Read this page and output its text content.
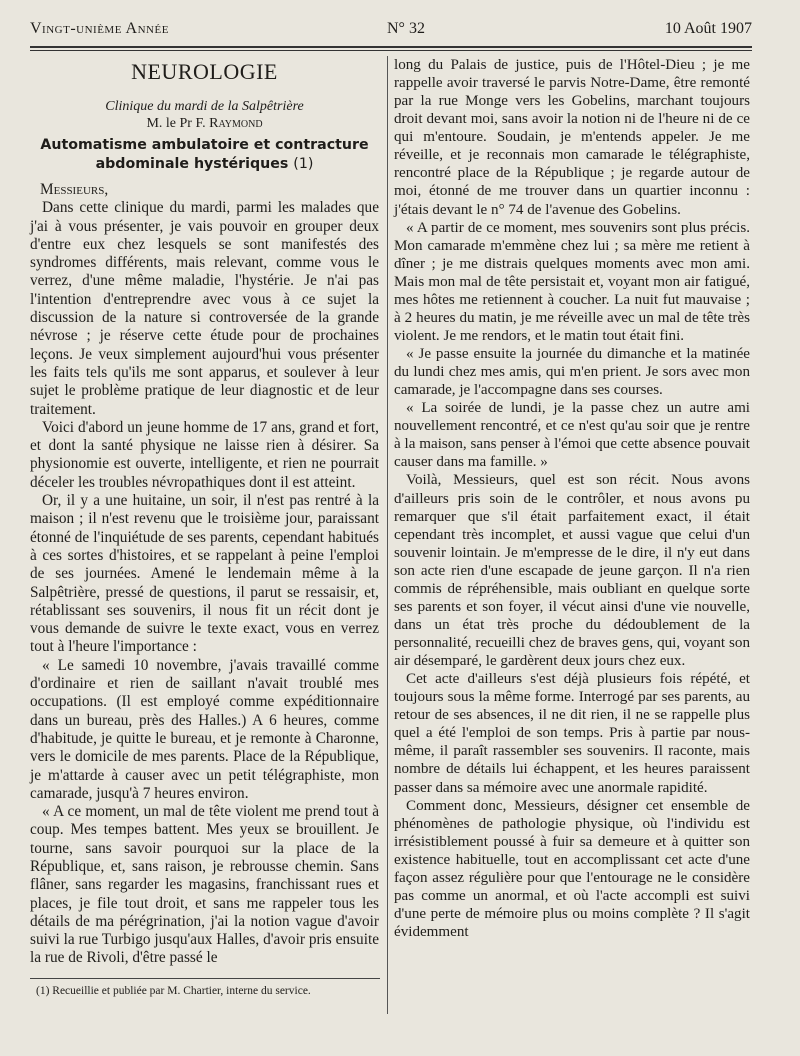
Vingt-unième Année	N° 32	10 Août 1907
NEUROLOGIE
Clinique du mardi de la Salpêtrière
M. le Pr F. Raymond
Automatisme ambulatoire et contracture
abdominale hystériques (1)

Messieurs,

Dans cette clinique du mardi, parmi les malades que j'ai à vous présenter, je vais pouvoir en grouper deux d'entre eux chez lesquels se sont manifestés des syndromes différents, mais relevant, comme vous le verrez, d'une même maladie, l'hystérie. Je n'ai pas l'intention d'entreprendre avec vous à ce sujet la discussion de la nature si controversée de la grande névrose ; je réserve cette étude pour de prochaines leçons. Je veux simplement aujourd'hui vous présenter les faits tels qu'ils me sont apparus, et soulever à leur sujet le problème pratique de leur diagnostic et de leur traitement.

Voici d'abord un jeune homme de 17 ans, grand et fort, et dont la santé physique ne laisse rien à désirer. Sa physionomie est ouverte, intelligente, et rien ne pourrait déceler les troubles névropathiques dont il est atteint.

Or, il y a une huitaine, un soir, il n'est pas rentré à la maison ; il n'est revenu que le troisième jour, paraissant étonné de l'inquiétude de ses parents, cependant habitués à ces sortes d'histoires, et se rappelant à peine l'emploi de ses journées. Amené le lendemain même à la Salpêtrière, pressé de questions, il parut se ressaisir, et, rétablissant ses souvenirs, il nous fit un récit dont je vous demande de suivre le texte exact, vous en verrez tout à l'heure l'importance :

« Le samedi 10 novembre, j'avais travaillé comme d'ordinaire et rien de saillant n'avait troublé mes occupations. (Il est employé comme expéditionnaire dans un bureau, près des Halles.) A 6 heures, comme d'habitude, je quitte le bureau, et je remonte à Charonne, vers le domicile de mes parents. Place de la République, je m'attarde à causer avec un petit télégraphiste, mon camarade, jusqu'à 7 heures environ.

« A ce moment, un mal de tête violent me prend tout à coup. Mes tempes battent. Mes yeux se brouillent. Je tourne, sans savoir pourquoi sur la place de la République, et, sans raison, je rebrousse chemin. Sans flâner, sans regarder les magasins, franchissant rues et places, je file tout droit, et sans me rappeler tous les détails de ma pérégrination, j'ai la notion vague d'avoir suivi la rue Turbigo jusqu'aux Halles, d'avoir pris ensuite la rue de Rivoli, d'être passé le

long du Palais de justice, puis de l'Hôtel-Dieu ; je me rappelle avoir traversé le parvis Notre-Dame, être remonté par la rue Monge vers les Gobelins, marchant toujours droit devant moi, sans avoir la notion ni de l'heure ni de ce qui m'entoure. Soudain, je m'entends appeler. Je me réveille, et je reconnais mon camarade le télégraphiste, rencontré place de la République ; je regarde autour de moi, étonné de me trouver dans un quartier inconnu : j'étais devant le n° 74 de l'avenue des Gobelins.

« A partir de ce moment, mes souvenirs sont plus précis. Mon camarade m'emmène chez lui ; sa mère me retient à dîner ; je me distrais quelques moments avec mon ami. Mais mon mal de tête persistait et, voyant mon air fatigué, mes hôtes me retiennent à coucher. La nuit fut mauvaise ; à 2 heures du matin, je me réveille avec un mal de tête très violent. Je me rendors, et le matin tout était fini.

« Je passe ensuite la journée du dimanche et la matinée du lundi chez mes amis, qui m'en prient. Je sors avec mon camarade, je l'accompagne dans ses courses.

« La soirée de lundi, je la passe chez un autre ami nouvellement rencontré, et ce n'est qu'au soir que je rentre à la maison, sans penser à l'émoi que cette absence pouvait causer dans ma famille. »

Voilà, Messieurs, quel est son récit. Nous avons d'ailleurs pris soin de le contrôler, et nous avons pu remarquer que s'il était parfaitement exact, il était cependant très incomplet, et aussi vague que celui d'un souvenir lointain. Je m'empresse de le dire, il n'y eut dans son acte rien d'une escapade de jeune garçon. Il n'a rien commis de répréhensible, mais oubliant en quelque sorte ses parents et son foyer, il vécut ainsi d'une vie nouvelle, dans un état très proche du dédoublement de la personnalité, recueilli chez de braves gens, qui, voyant son air désemparé, le gardèrent deux jours chez eux.

Cet acte d'ailleurs s'est déjà plusieurs fois répété, et toujours sous la même forme. Interrogé par ses parents, au retour de ses absences, il ne dit rien, il ne se rappelle plus quel a été l'emploi de son temps. Pris à partie par nous-même, il paraît rassembler ses souvenirs. Il raconte, mais nombre de détails lui échappent, et les heures paraissent passer dans sa mémoire avec une anormale rapidité.

Comment donc, Messieurs, désigner cet ensemble de phénomènes de pathologie physique, où l'individu est irrésistiblement poussé à fuir sa demeure et à quitter son existence habituelle, tout en accomplissant cet acte d'une façon assez régulière pour que l'entourage ne le considère pas comme un anormal, et où l'acte accompli est suivi d'une perte de mémoire plus ou moins complète ? Il s'agit évidemment

(1) Recueillie et publiée par M. Chartier, interne du service.
